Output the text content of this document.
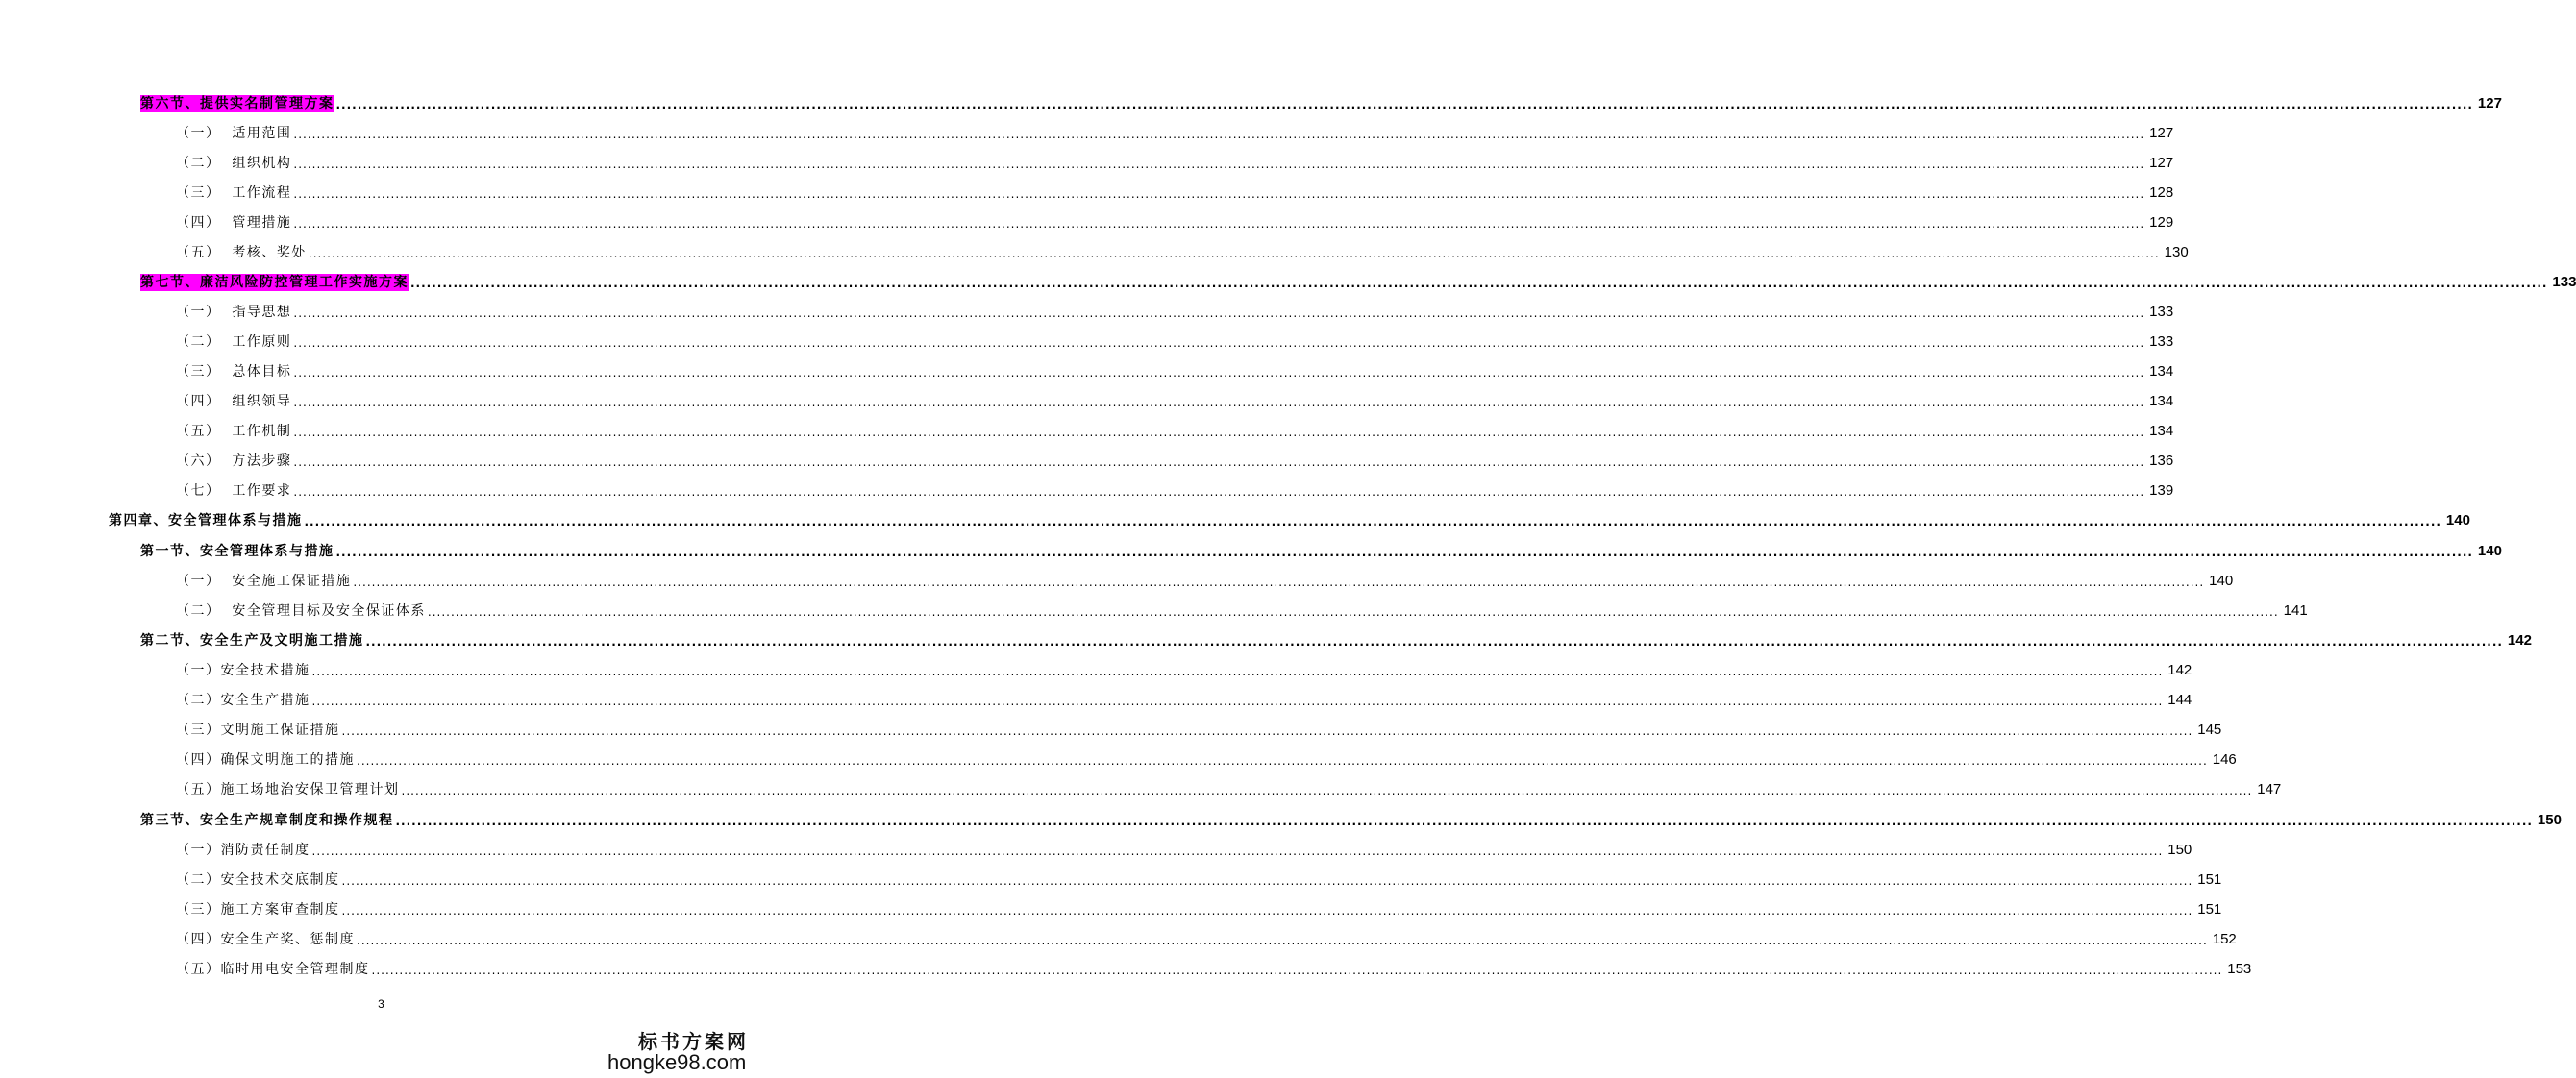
第六节、提供实名制管理方案 ................................................................................................................................................................................................................................................................................................................................................................................................................ 127
（一）  适用范围 ................................................................................................................................................................................................................................................................................................................................................................................................................ 127
（二）  组织机构 ................................................................................................................................................................................................................................................................................................................................................................................................................ 127
（三）  工作流程 ................................................................................................................................................................................................................................................................................................................................................................................................................ 128
（四）  管理措施 ................................................................................................................................................................................................................................................................................................................................................................................................................ 129
（五）  考核、奖处 ................................................................................................................................................................................................................................................................................................................................................................................................................ 130
第七节、廉洁风险防控管理工作实施方案 ................................................................................................................................................................................................................................................................................................................................................................................................................ 133
（一）  指导思想 ................................................................................................................................................................................................................................................................................................................................................................................................................ 133
（二）  工作原则 ................................................................................................................................................................................................................................................................................................................................................................................................................ 133
（三）  总体目标 ................................................................................................................................................................................................................................................................................................................................................................................................................ 134
（四）  组织领导 ................................................................................................................................................................................................................................................................................................................................................................................................................ 134
（五）  工作机制 ................................................................................................................................................................................................................................................................................................................................................................................................................ 134
（六）  方法步骤 ................................................................................................................................................................................................................................................................................................................................................................................................................ 136
（七）  工作要求 ................................................................................................................................................................................................................................................................................................................................................................................................................ 139
第四章、安全管理体系与措施 ................................................................................................................................................................................................................................................................................................................................................................................................................ 140
第一节、安全管理体系与措施 ................................................................................................................................................................................................................................................................................................................................................................................................................ 140
（一）  安全施工保证措施 ................................................................................................................................................................................................................................................................................................................................................................................................................ 140
（二）  安全管理目标及安全保证体系 ................................................................................................................................................................................................................................................................................................................................................................................................................ 141
第二节、安全生产及文明施工措施 ................................................................................................................................................................................................................................................................................................................................................................................................................ 142
（一）安全技术措施 ................................................................................................................................................................................................................................................................................................................................................................................................................ 142
（二）安全生产措施 ................................................................................................................................................................................................................................................................................................................................................................................................................ 144
（三）文明施工保证措施 ................................................................................................................................................................................................................................................................................................................................................................................................................ 145
（四）确保文明施工的措施 ................................................................................................................................................................................................................................................................................................................................................................................................................ 146
（五）施工场地治安保卫管理计划 ................................................................................................................................................................................................................................................................................................................................................................................................................ 147
第三节、安全生产规章制度和操作规程 ................................................................................................................................................................................................................................................................................................................................................................................................................ 150
（一）消防责任制度 ................................................................................................................................................................................................................................................................................................................................................................................................................ 150
（二）安全技术交底制度 ................................................................................................................................................................................................................................................................................................................................................................................................................ 151
（三）施工方案审查制度 ................................................................................................................................................................................................................................................................................................................................................................................................................ 151
（四）安全生产奖、惩制度 ................................................................................................................................................................................................................................................................................................................................................................................................................ 152
（五）临时用电安全管理制度 ................................................................................................................................................................................................................................................................................................................................................................................................................ 153
3
标书方案网
hongke98.com
